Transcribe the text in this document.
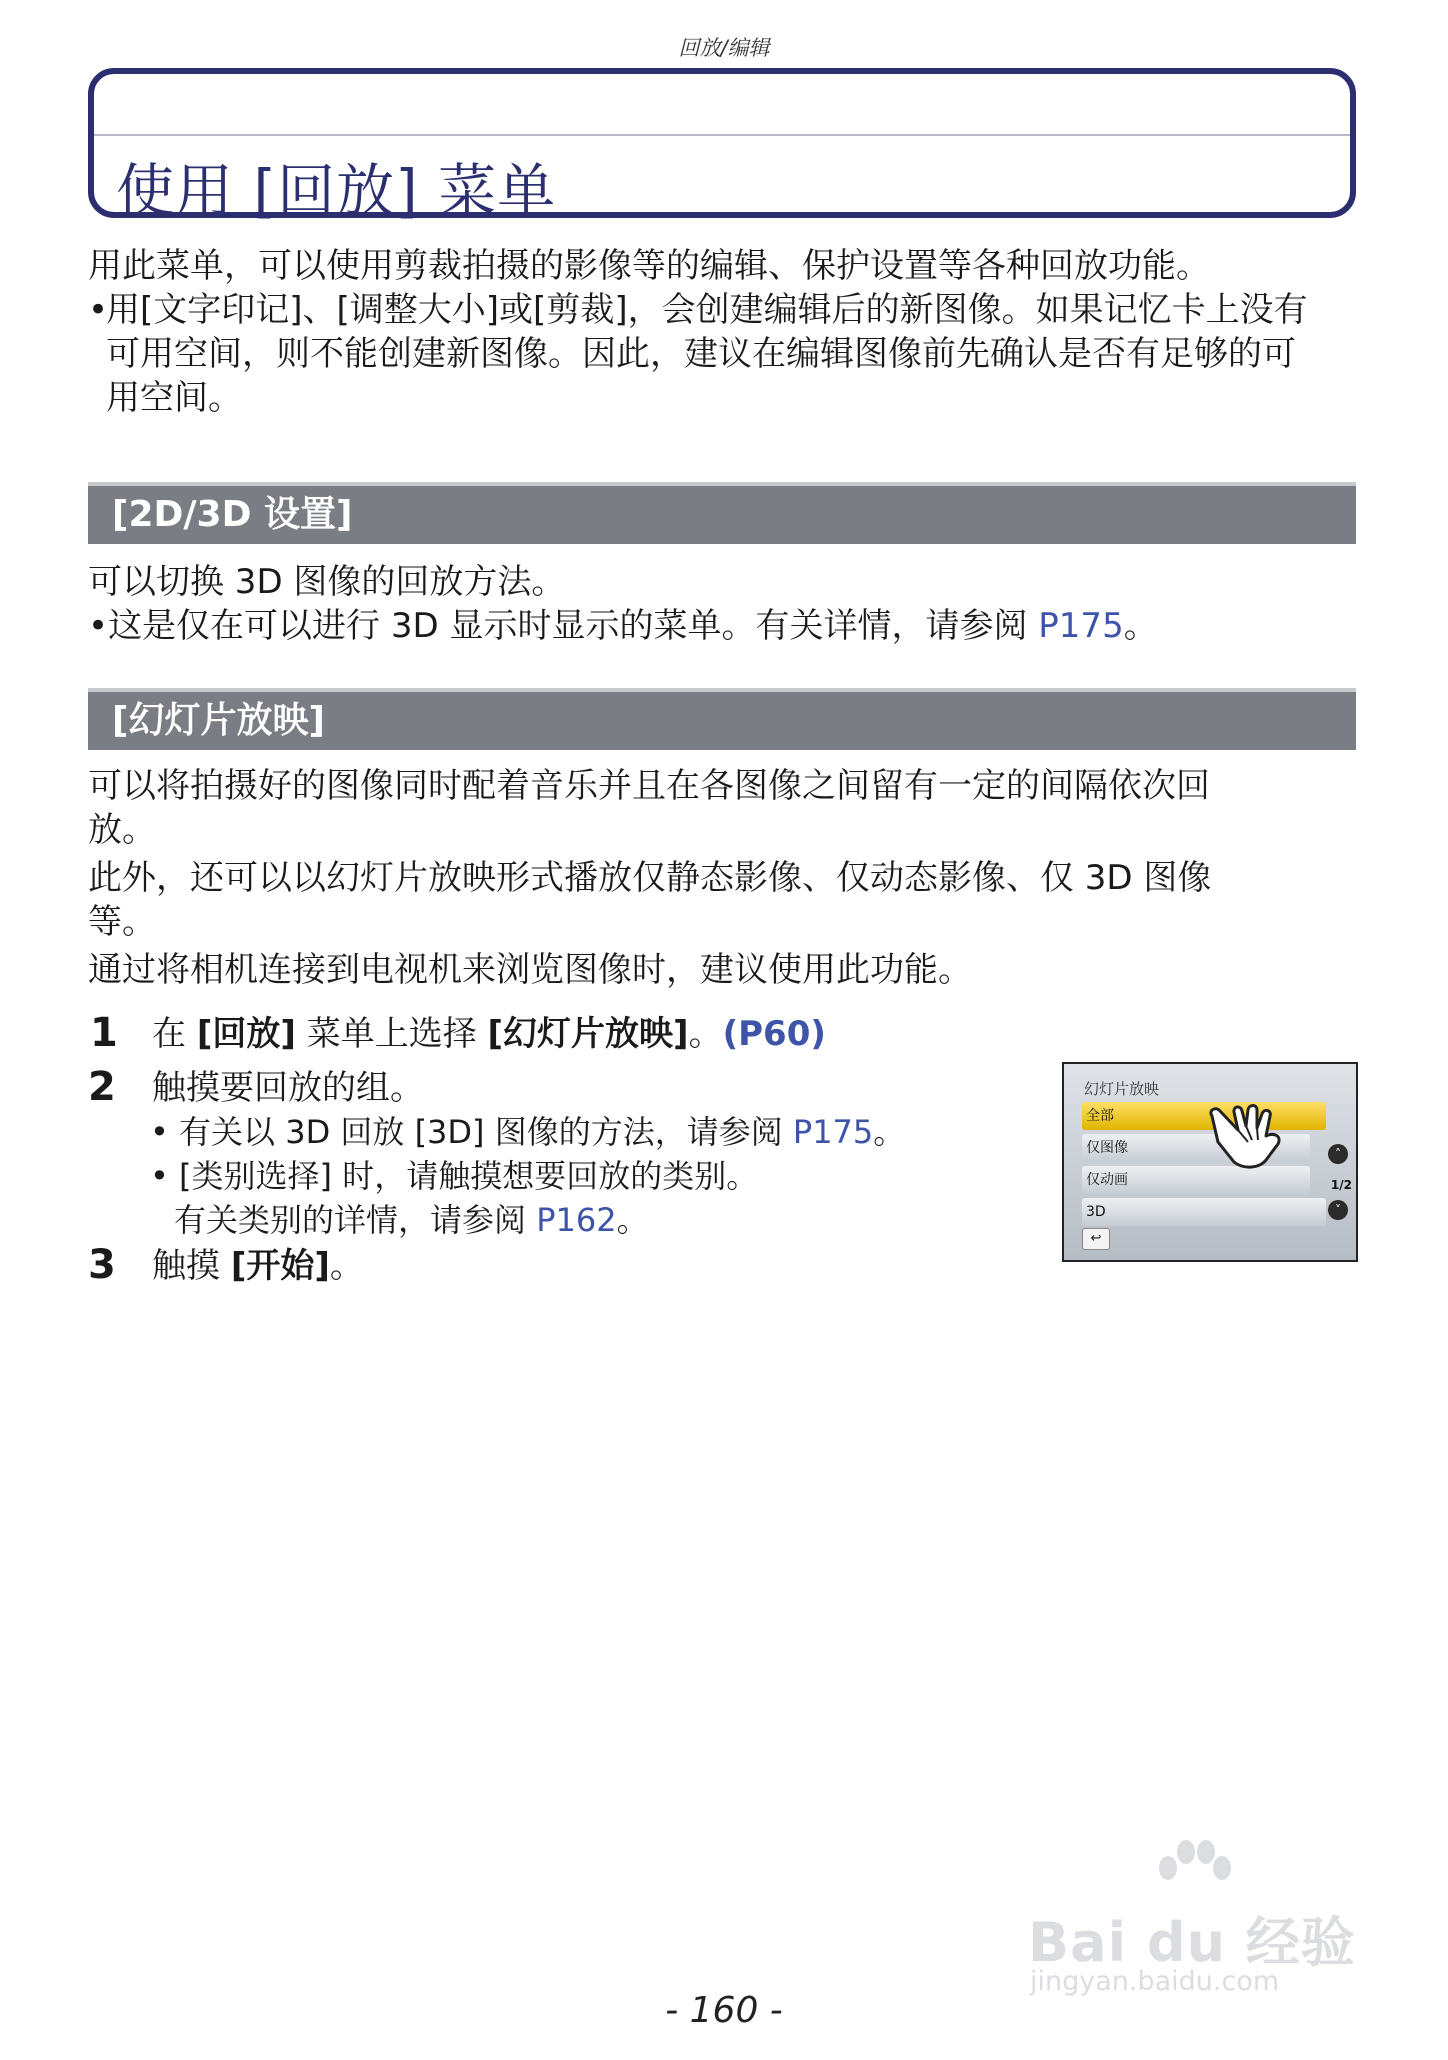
回放/编辑
使用 [回放] 菜单
用此菜单，可以使用剪裁拍摄的影像等的编辑、保护设置等各种回放功能。
•
用[文字印记]、[调整大小]或[剪裁]，会创建编辑后的新图像。如果记忆卡上没有
可用空间，则不能创建新图像。因此，建议在编辑图像前先确认是否有足够的可
用空间。
[2D/3D 设置]
可以切换 3D 图像的回放方法。
•这是仅在可以进行 3D 显示时显示的菜单。有关详情，请参阅 P175。
[幻灯片放映]
可以将拍摄好的图像同时配着音乐并且在各图像之间留有一定的间隔依次回
放。
此外，还可以以幻灯片放映形式播放仅静态影像、仅动态影像、仅 3D 图像
等。
通过将相机连接到电视机来浏览图像时，建议使用此功能。
1 在 [回放] 菜单上选择 [幻灯片放映]。(P60)
2 触摸要回放的组。
• 有关以 3D 回放 [3D] 图像的方法，请参阅 P175。
• [类别选择] 时，请触摸想要回放的类别。
有关类别的详情，请参阅 P162。
3 触摸 [开始]。
幻灯片放映
全部
仅图像
仅动画
3D
˄
1/2
˅
↩
Bai du 经验
jingyan.baidu.com
- 160 -
